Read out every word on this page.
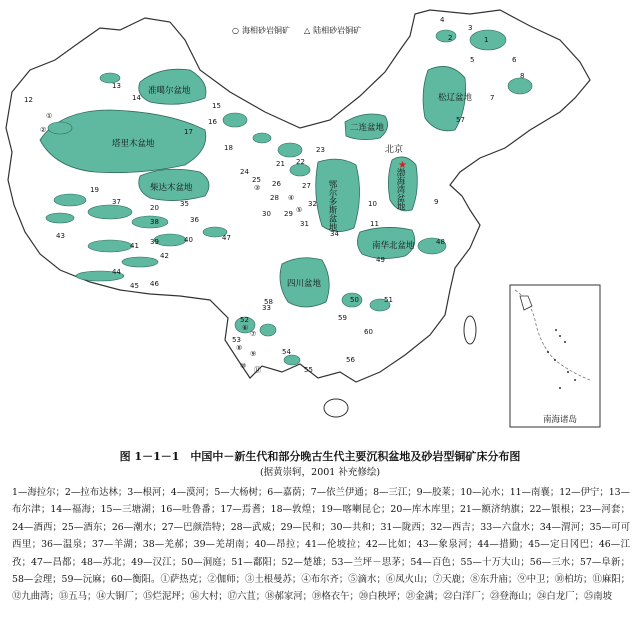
塔里木盆地
准噶尔盆地
柴达木盆地	鄂尔多斯盆地
二连盆地
松辽盆地
渤海湾盆地
南华北盆地
四川盆地
北京
★
1
2
3
4
5	6
7
8
9
10
11
12
13
14
15
16
17
18
19
20
21 22
23
24
25 26	27
28
29
30
31
32
33
34
35
36
37
38
39	40
41
42
43
44
45 46
47	48
49
50	51
52
53
54
55
56
57
58
59
60
①
②
③
④
⑤
⑥
⑦
⑧
⑨
⑩ ⑪
南海诸岛
○ 海相砂岩铜矿 △ 陆相砂岩铜矿
图 1－1－1　中国中－新生代和部分晚古生代主要沉积盆地及砂岩型铜矿床分布图
(据黄崇轲，2001 补充修绘)
1—海拉尔；2—拉布达林；3—根河；4—漠河；5—大杨树；6—嘉荫；7—依兰伊通；8—三江；9—胶莱；10—沁水；11—南襄；12—伊宁；13—布尔津；14—福海；15—三塘湖；16—吐鲁番；17—焉耆；18—敦煌；19—喀喇昆仑；20—库木库里；21—额济纳旗；22—银根；23—河套；24—酒西；25—酒东；26—潮水；27—巴颜浩特；28—武威；29—民和；30—共和；31—陇西；32—西吉；33—六盘水；34—渭河；35—可可西里；36—温泉；37—羊湖；38—羌郝；39—羌胡南；40—昂拉；41—伦坡拉；42—比如；43—象泉河；44—措勤；45—定日冈巴；46—江孜；47—昌都；48—苏北；49—汉江；50—洞庭；51—鄱阳；52—楚雄；53—兰坪－思茅；54—百色；55—十万大山；56—三水；57—阜新；58—会理；59—沅麻；60—衡阳。①萨热克；②伽师；③土根曼苏；④布尔齐；⑤滴水；⑥凤火山；⑦天鹿；⑧东升庙；⑨中卫；⑩柏坊；⑪麻阳；⑫九曲湾；⑬五马；⑭大铜厂；⑮烂泥坪；⑯大村；⑰六苴；⑱郝家河；⑲格衣午；⑳白秧坪；㉑金满；㉒白洋厂；㉓登海山；㉔白龙厂；㉕南坡
